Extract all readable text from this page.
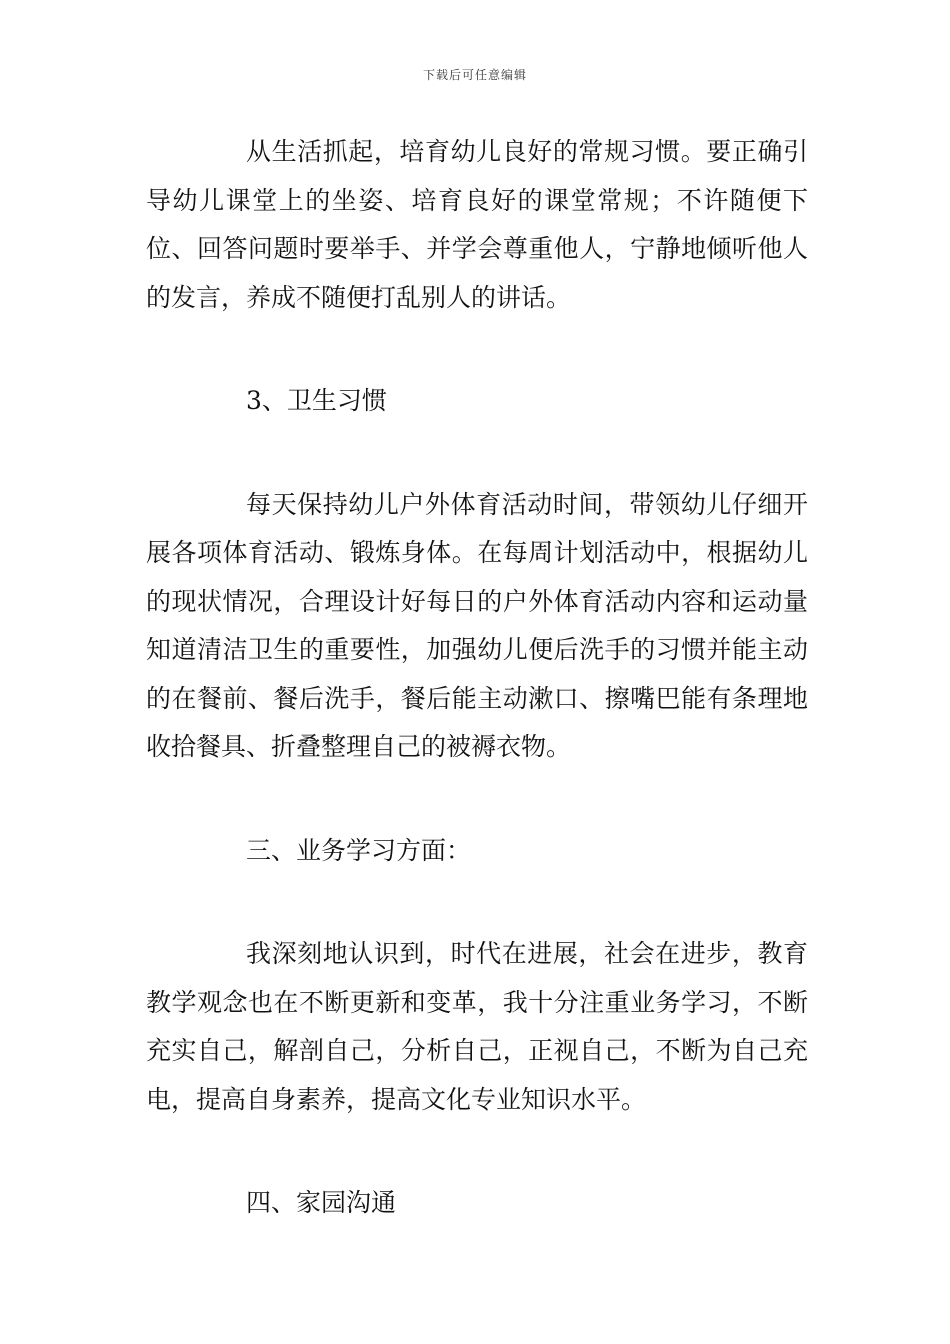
下载后可任意编辑

从生活抓起，培育幼儿良好的常规习惯。要正确引导幼儿课堂上的坐姿、培育良好的课堂常规；不许随便下位、回答问题时要举手、并学会尊重他人，宁静地倾听他人的发言，养成不随便打乱别人的讲话。

3、卫生习惯

每天保持幼儿户外体育活动时间，带领幼儿仔细开展各项体育活动、锻炼身体。在每周计划活动中，根据幼儿的现状情况，合理设计好每日的户外体育活动内容和运动量知道清洁卫生的重要性，加强幼儿便后洗手的习惯并能主动的在餐前、餐后洗手，餐后能主动漱口、擦嘴巴能有条理地收拾餐具、折叠整理自己的被褥衣物。

三、业务学习方面：

我深刻地认识到，时代在进展，社会在进步，教育教学观念也在不断更新和变革，我十分注重业务学习，不断充实自己，解剖自己，分析自己，正视自己，不断为自己充电，提高自身素养，提高文化专业知识水平。

四、家园沟通
